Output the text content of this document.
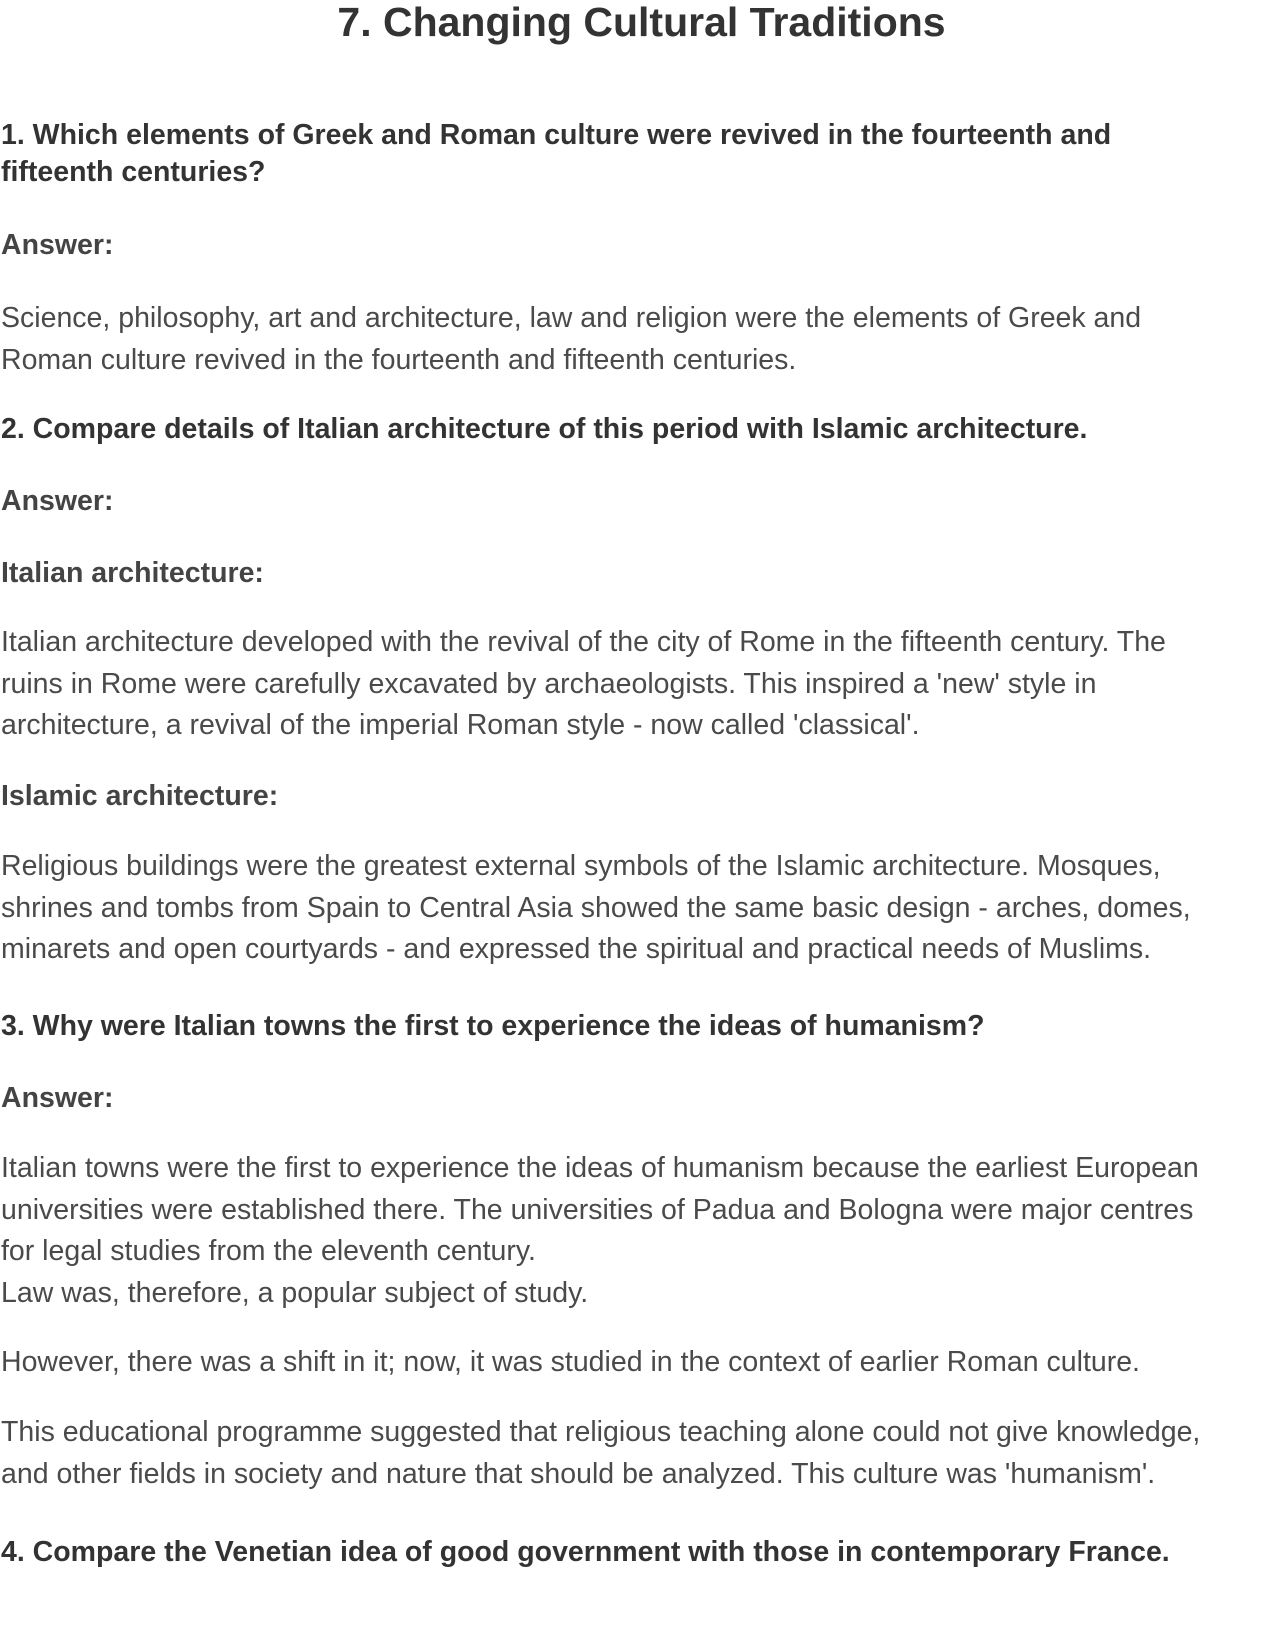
7. Changing Cultural Traditions
1. Which elements of Greek and Roman culture were revived in the fourteenth and
fifteenth centuries?
Answer:
Science, philosophy, art and architecture, law and religion were the elements of Greek and
Roman culture revived in the fourteenth and fifteenth centuries.
2. Compare details of Italian architecture of this period with Islamic architecture.
Answer:
Italian architecture:
Italian architecture developed with the revival of the city of Rome in the fifteenth century. The
ruins in Rome were carefully excavated by archaeologists. This inspired a 'new' style in
architecture, a revival of the imperial Roman style - now called 'classical'.
Islamic architecture:
Religious buildings were the greatest external symbols of the Islamic architecture. Mosques,
shrines and tombs from Spain to Central Asia showed the same basic design - arches, domes,
minarets and open courtyards - and expressed the spiritual and practical needs of Muslims.
3. Why were Italian towns the first to experience the ideas of humanism?
Answer:
Italian towns were the first to experience the ideas of humanism because the earliest European
universities were established there. The universities of Padua and Bologna were major centres
for legal studies from the eleventh century.
Law was, therefore, a popular subject of study.
However, there was a shift in it; now, it was studied in the context of earlier Roman culture.
This educational programme suggested that religious teaching alone could not give knowledge,
and other fields in society and nature that should be analyzed. This culture was 'humanism'.
4. Compare the Venetian idea of good government with those in contemporary France.
